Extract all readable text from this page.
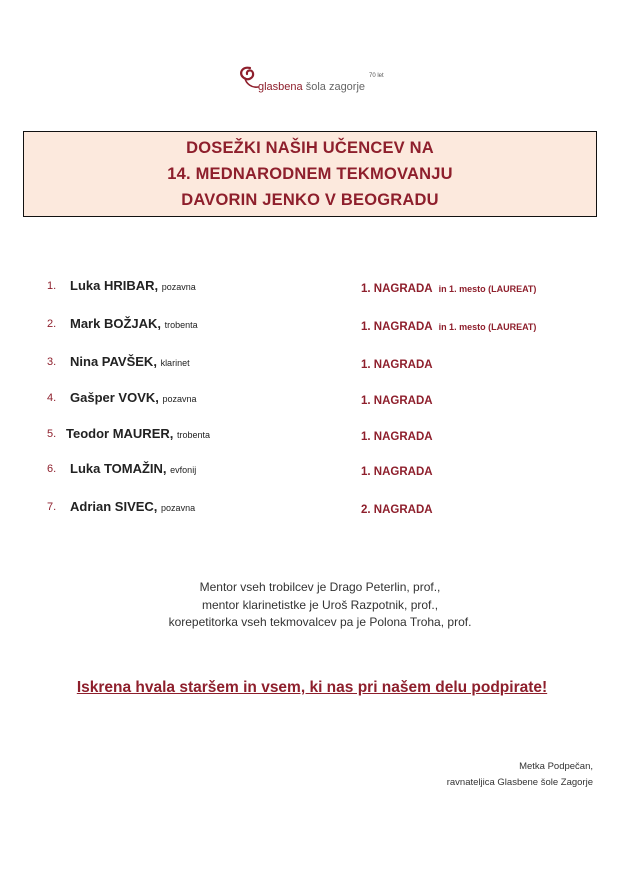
70 let
glasbena šola zagorje
DOSEŽKI NAŠIH UČENCEV NA
14. MEDNARODNEM TEKMOVANJU
DAVORIN JENKO V BEOGRADU
1. Luka HRIBAR, pozavna	1. NAGRADA in 1. mesto (LAUREAT)
2. Mark BOŽJAK, trobenta	1. NAGRADA in 1. mesto (LAUREAT)
3. Nina PAVŠEK, klarinet	1. NAGRADA
4. Gašper VOVK, pozavna	1. NAGRADA
5. Teodor MAURER, trobenta	1. NAGRADA
6. Luka TOMAŽIN, evfonij	1. NAGRADA
7. Adrian SIVEC, pozavna	2. NAGRADA
Mentor vseh trobilcev je Drago Peterlin, prof.,
mentor klarinetistke je Uroš Razpotnik, prof.,
korepetitorka vseh tekmovalcev pa je Polona Troha, prof.
Iskrena hvala staršem in vsem, ki nas pri našem delu podpirate!
Metka Podpečan,
ravnateljica Glasbene šole Zagorje
